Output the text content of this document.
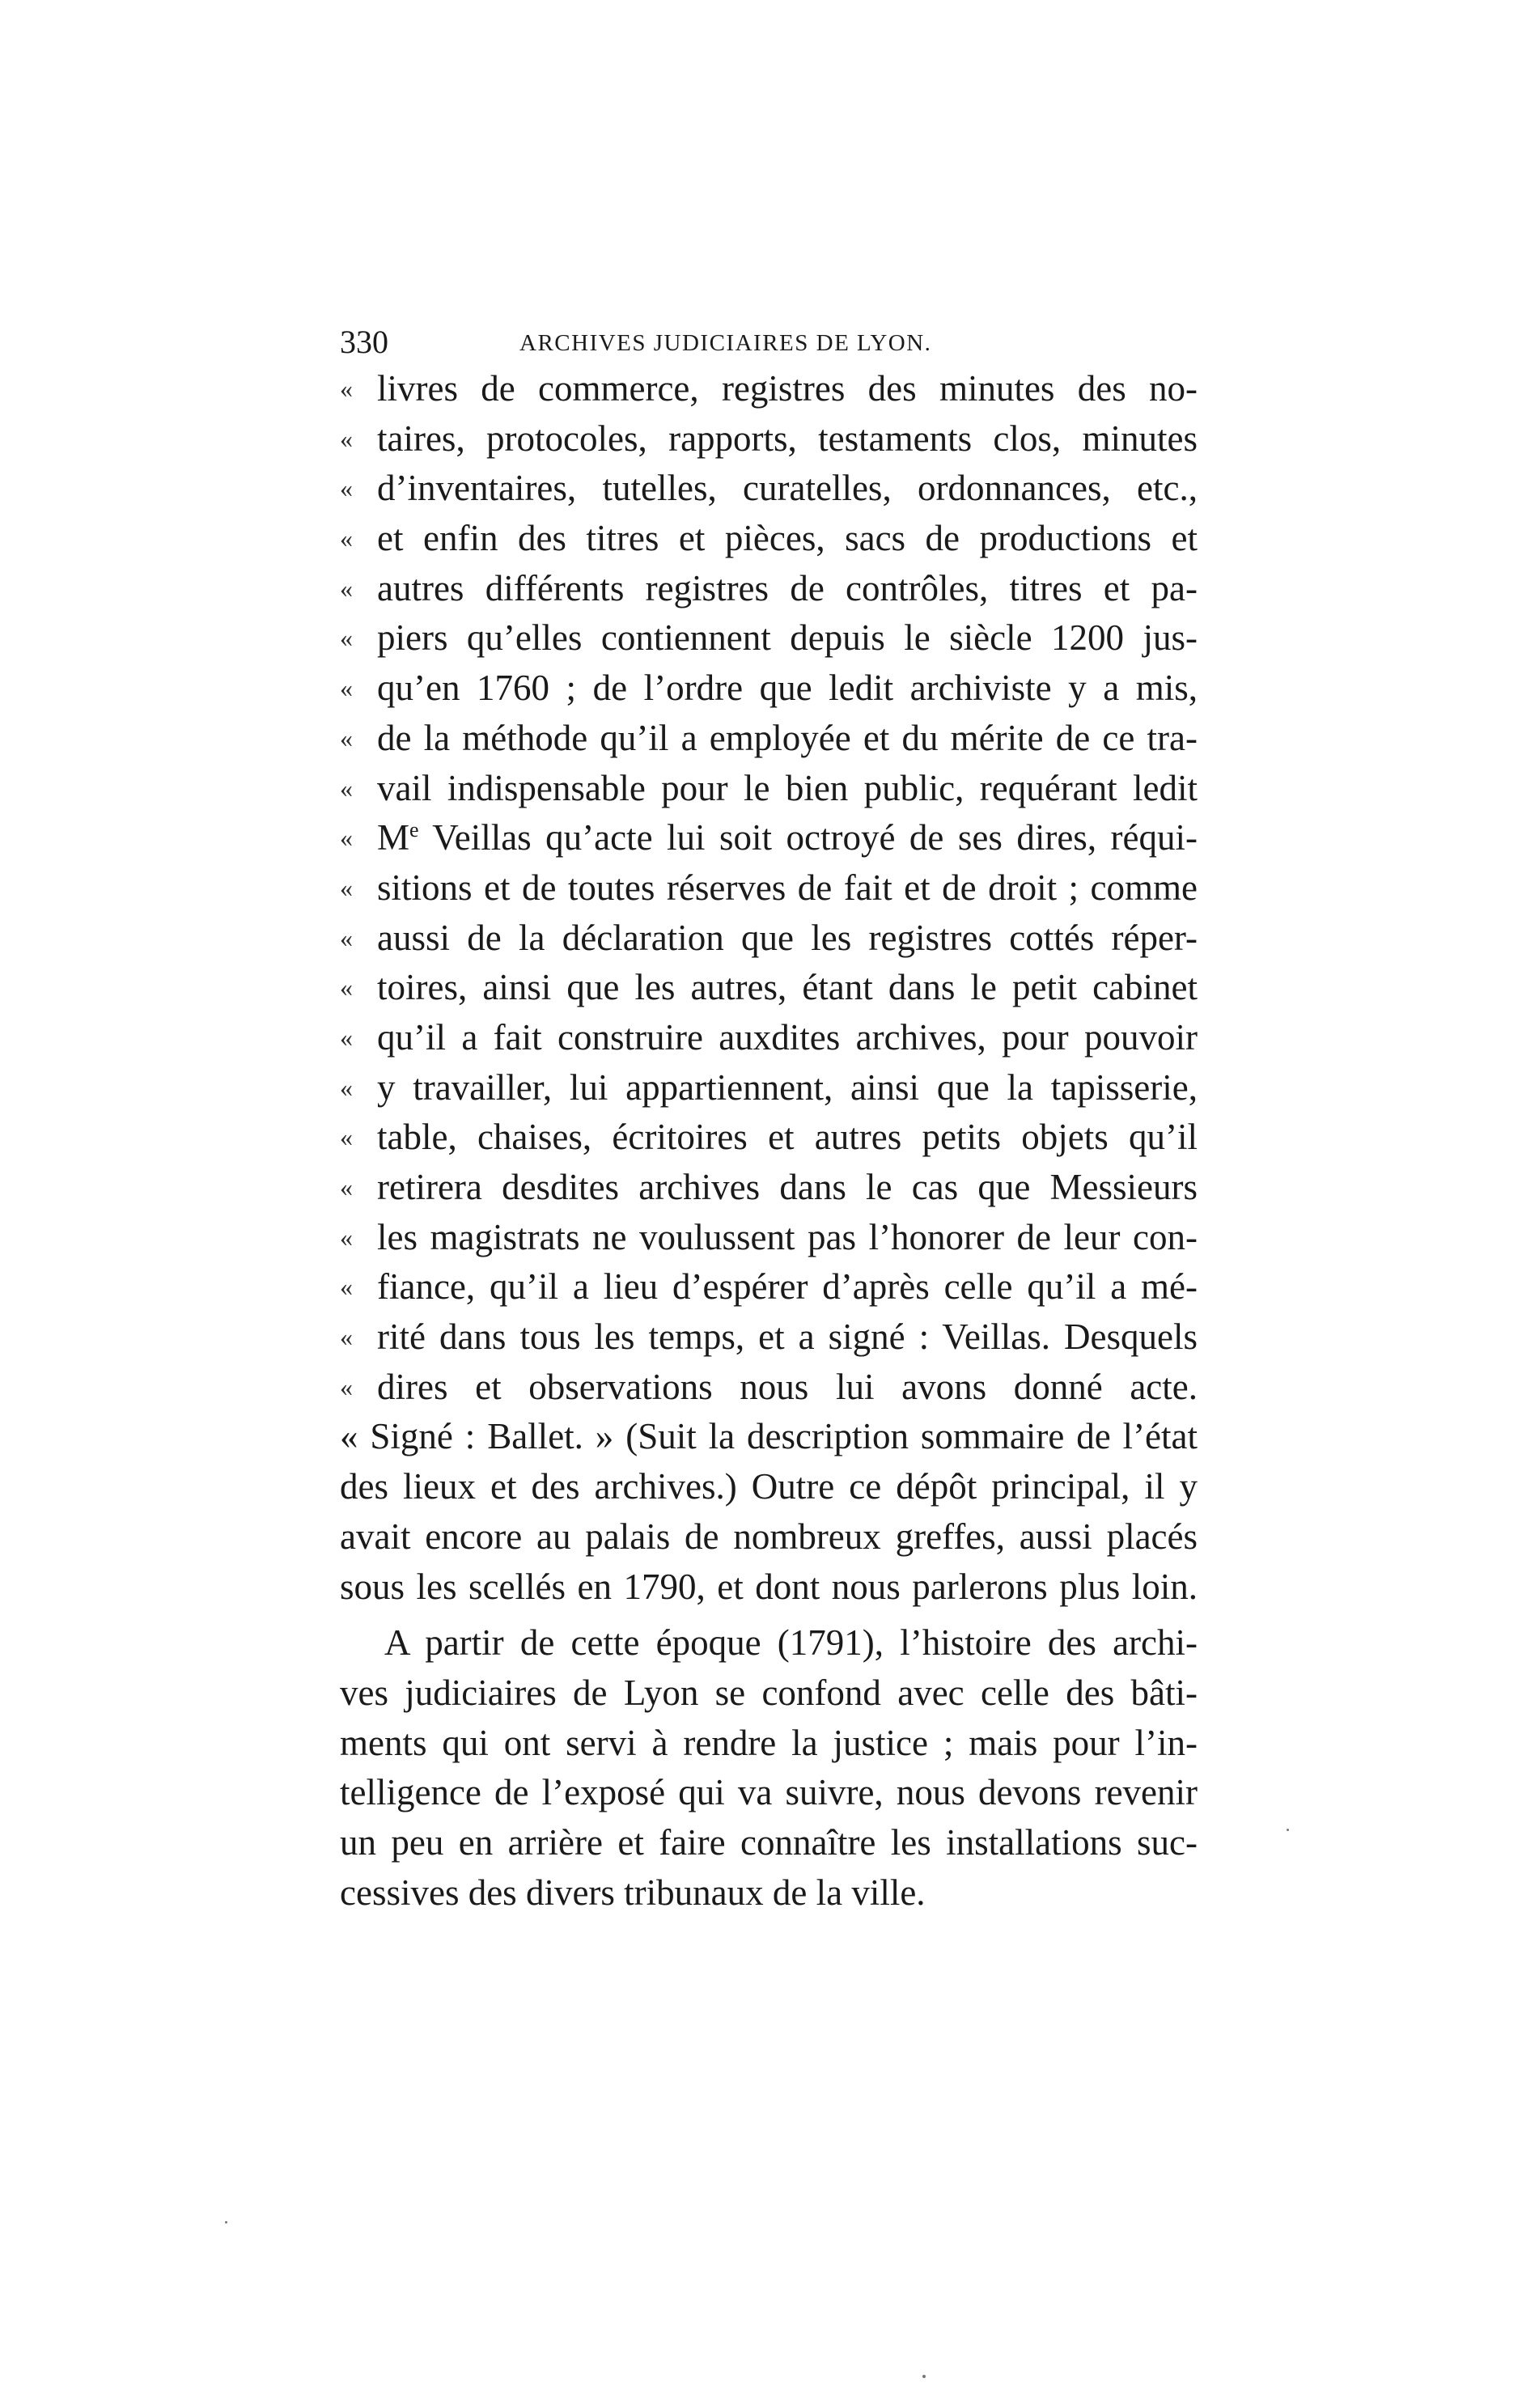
330	ARCHIVES JUDICIAIRES DE LYON.
« livres de commerce, registres des minutes des no-
« taires, protocoles, rapports, testaments clos, minutes
« d’inventaires, tutelles, curatelles, ordonnances, etc.,
« et enfin des titres et pièces, sacs de productions et
« autres différents registres de contrôles, titres et pa-
« piers qu’elles contiennent depuis le siècle 1200 jus-
« qu’en 1760 ; de l’ordre que ledit archiviste y a mis,
« de la méthode qu’il a employée et du mérite de ce tra-
« vail indispensable pour le bien public, requérant ledit
« Me Veillas qu’acte lui soit octroyé de ses dires, réqui-
« sitions et de toutes réserves de fait et de droit ; comme
« aussi de la déclaration que les registres cottés réper-
« toires, ainsi que les autres, étant dans le petit cabinet
« qu’il a fait construire auxdites archives, pour pouvoir
« y travailler, lui appartiennent, ainsi que la tapisserie,
« table, chaises, écritoires et autres petits objets qu’il
« retirera desdites archives dans le cas que Messieurs
« les magistrats ne voulussent pas l’honorer de leur con-
« fiance, qu’il a lieu d’espérer d’après celle qu’il a mé-
« rité dans tous les temps, et a signé : Veillas. Desquels
« dires et observations nous lui avons donné acte.
« Signé : Ballet. » (Suit la description sommaire de l’état
des lieux et des archives.) Outre ce dépôt principal, il y
avait encore au palais de nombreux greffes, aussi placés
sous les scellés en 1790, et dont nous parlerons plus loin.
A partir de cette époque (1791), l’histoire des archi-
ves judiciaires de Lyon se confond avec celle des bâti-
ments qui ont servi à rendre la justice ; mais pour l’in-
telligence de l’exposé qui va suivre, nous devons revenir
un peu en arrière et faire connaître les installations suc-
cessives des divers tribunaux de la ville.
